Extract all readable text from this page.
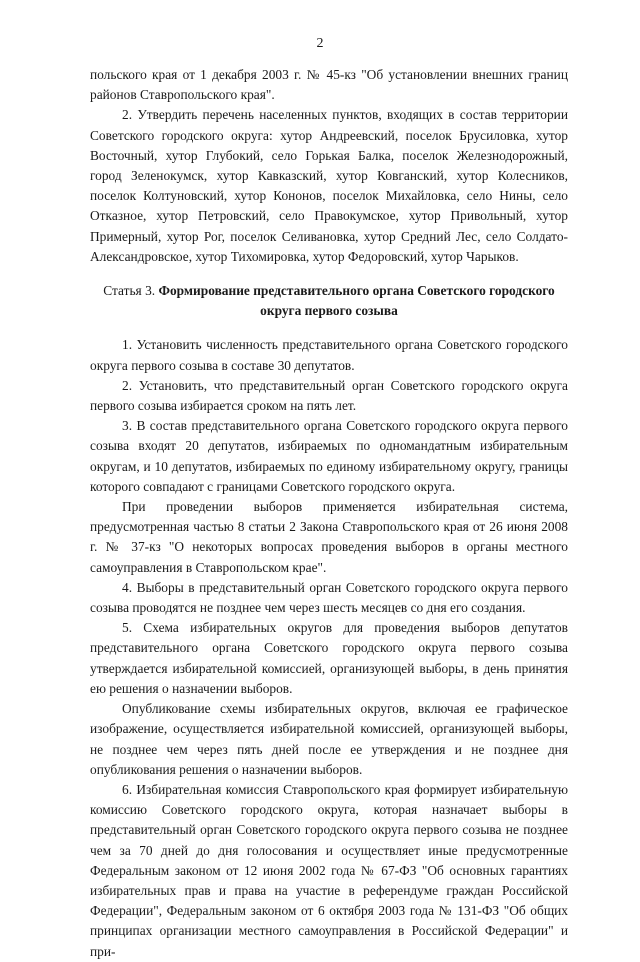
2

польского края от 1 декабря 2003 г. № 45-кз "Об установлении внешних границ районов Ставропольского края".

2. Утвердить перечень населенных пунктов, входящих в состав территории Советского городского округа: хутор Андреевский, поселок Брусиловка, хутор Восточный, хутор Глубокий, село Горькая Балка, поселок Железнодорожный, город Зеленокумск, хутор Кавказский, хутор Ковганский, хутор Колесников, поселок Колтуновский, хутор Кононов, поселок Михайловка, село Нины, село Отказное, хутор Петровский, село Правокумское, хутор Привольный, хутор Примерный, хутор Рог, поселок Селивановка, хутор Средний Лес, село Солдато-Александровское, хутор Тихомировка, хутор Федоровский, хутор Чарыков.

Статья 3. Формирование представительного органа Советского городского округа первого созыва

1. Установить численность представительного органа Советского городского округа первого созыва в составе 30 депутатов.

2. Установить, что представительный орган Советского городского округа первого созыва избирается сроком на пять лет.

3. В состав представительного органа Советского городского округа первого созыва входят 20 депутатов, избираемых по одномандатным избирательным округам, и 10 депутатов, избираемых по единому избирательному округу, границы которого совпадают с границами Советского городского округа.

При проведении выборов применяется избирательная система, предусмотренная частью 8 статьи 2 Закона Ставропольского края от 26 июня 2008 г. № 37-кз "О некоторых вопросах проведения выборов в органы местного самоуправления в Ставропольском крае".

4. Выборы в представительный орган Советского городского округа первого созыва проводятся не позднее чем через шесть месяцев со дня его создания.

5. Схема избирательных округов для проведения выборов депутатов представительного органа Советского городского округа первого созыва утверждается избирательной комиссией, организующей выборы, в день принятия ею решения о назначении выборов.

Опубликование схемы избирательных округов, включая ее графическое изображение, осуществляется избирательной комиссией, организующей выборы, не позднее чем через пять дней после ее утверждения и не позднее дня опубликования решения о назначении выборов.

6. Избирательная комиссия Ставропольского края формирует избирательную комиссию Советского городского округа, которая назначает выборы в представительный орган Советского городского округа первого созыва не позднее чем за 70 дней до дня голосования и осуществляет иные предусмотренные Федеральным законом от 12 июня 2002 года № 67-ФЗ "Об основных гарантиях избирательных прав и права на участие в референдуме граждан Российской Федерации", Федеральным законом от 6 октября 2003 года № 131-ФЗ "Об общих принципах организации местного самоуправления в Российской Федерации" и при-
